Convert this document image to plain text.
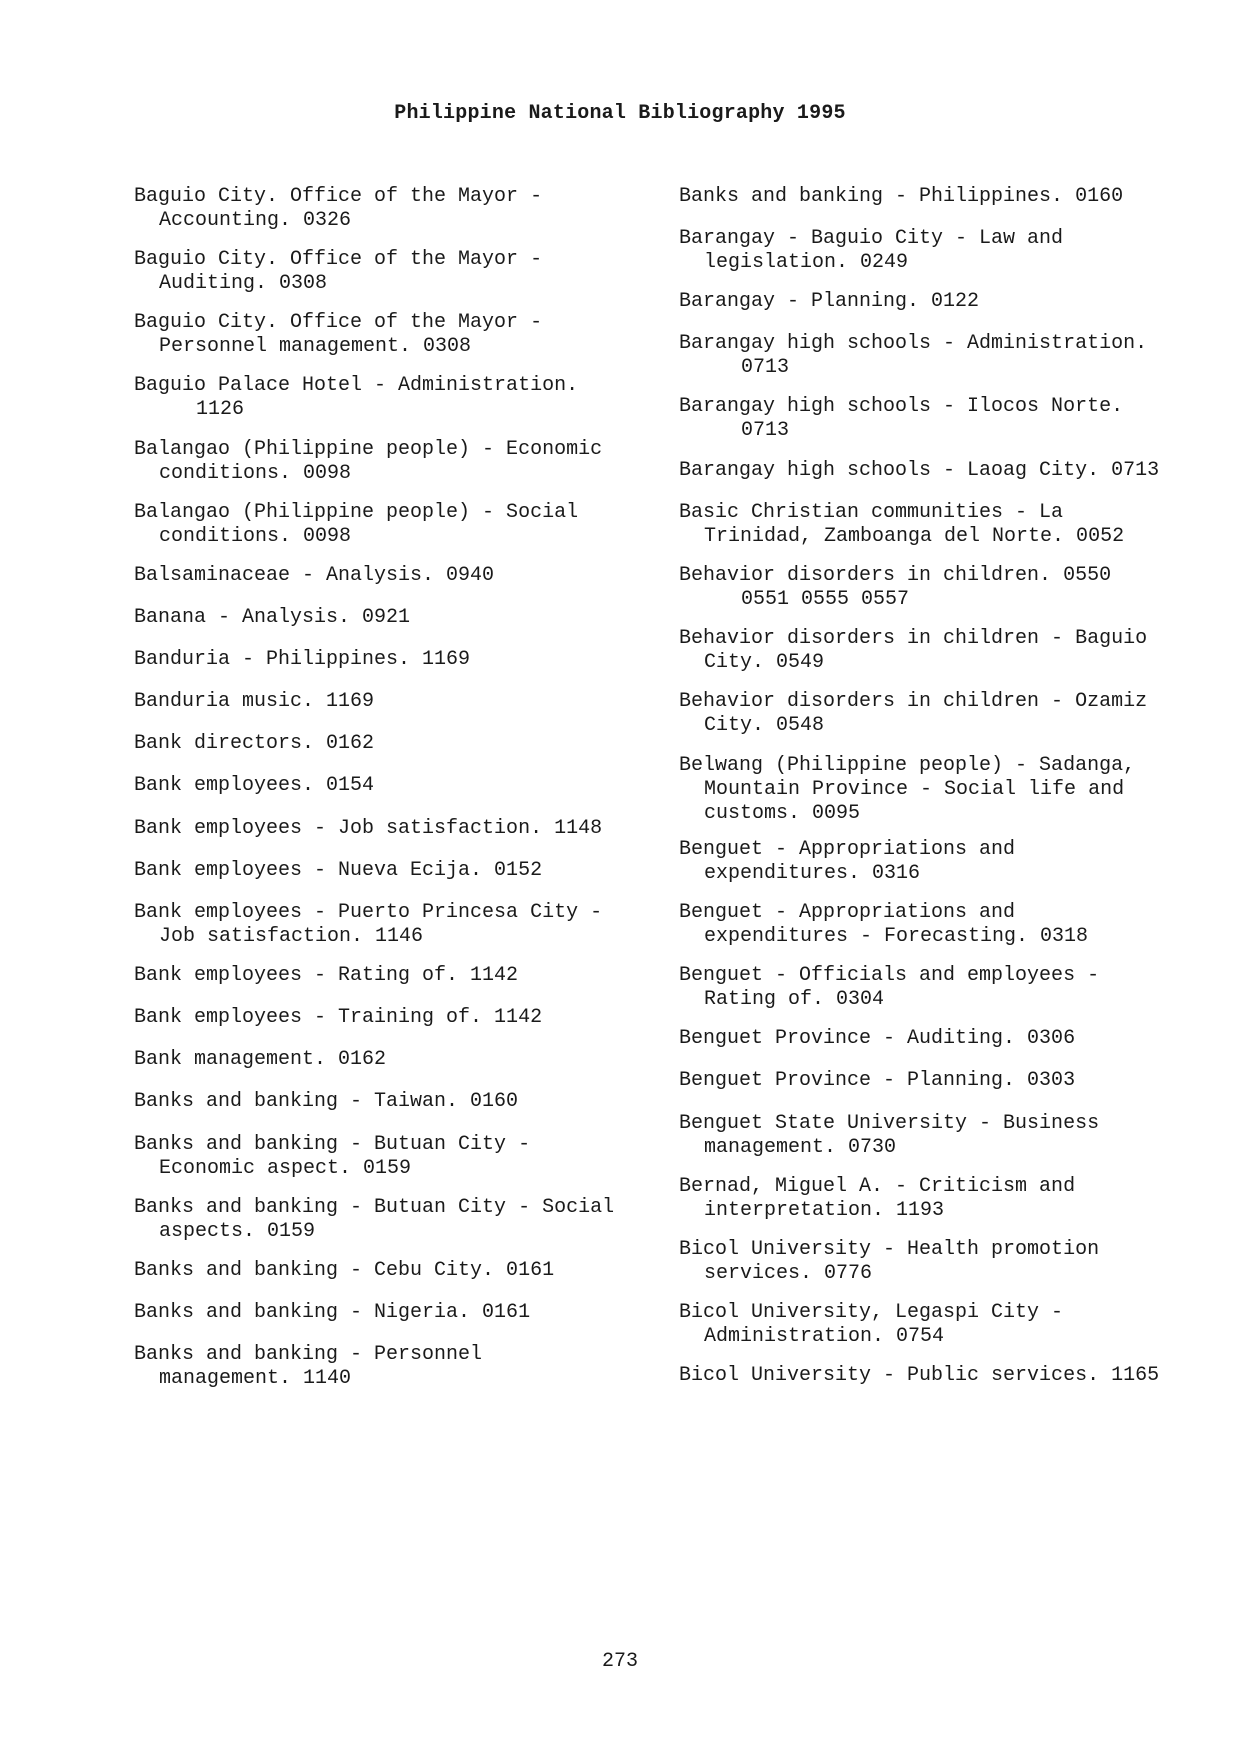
Philippine National Bibliography 1995
Baguio City. Office of the Mayor -
Accounting. 0326
Baguio City. Office of the Mayor -
Auditing. 0308
Baguio City. Office of the Mayor -
Personnel management. 0308
Baguio Palace Hotel - Administration.
1126
Balangao (Philippine people) - Economic
conditions. 0098
Balangao (Philippine people) - Social
conditions. 0098
Balsaminaceae - Analysis. 0940
Banana - Analysis. 0921
Banduria - Philippines. 1169
Banduria music. 1169
Bank directors. 0162
Bank employees. 0154
Bank employees - Job satisfaction. 1148
Bank employees - Nueva Ecija. 0152
Bank employees - Puerto Princesa City -
Job satisfaction. 1146
Bank employees - Rating of. 1142
Bank employees - Training of. 1142
Bank management. 0162
Banks and banking - Taiwan. 0160
Banks and banking - Butuan City -
Economic aspect. 0159
Banks and banking - Butuan City - Social
aspects. 0159
Banks and banking - Cebu City. 0161
Banks and banking - Nigeria. 0161
Banks and banking - Personnel
management. 1140
Banks and banking - Philippines. 0160
Barangay - Baguio City - Law and
legislation. 0249
Barangay - Planning. 0122
Barangay high schools - Administration.
0713
Barangay high schools - Ilocos Norte.
0713
Barangay high schools - Laoag City. 0713
Basic Christian communities - La
Trinidad, Zamboanga del Norte. 0052
Behavior disorders in children. 0550
0551 0555 0557
Behavior disorders in children - Baguio
City. 0549
Behavior disorders in children - Ozamiz
City. 0548
Belwang (Philippine people) - Sadanga,
Mountain Province - Social life and
customs. 0095
Benguet - Appropriations and
expenditures. 0316
Benguet - Appropriations and
expenditures - Forecasting. 0318
Benguet - Officials and employees -
Rating of. 0304
Benguet Province - Auditing. 0306
Benguet Province - Planning. 0303
Benguet State University - Business
management. 0730
Bernad, Miguel A. - Criticism and
interpretation. 1193
Bicol University - Health promotion
services. 0776
Bicol University, Legaspi City -
Administration. 0754
Bicol University - Public services. 1165
273
